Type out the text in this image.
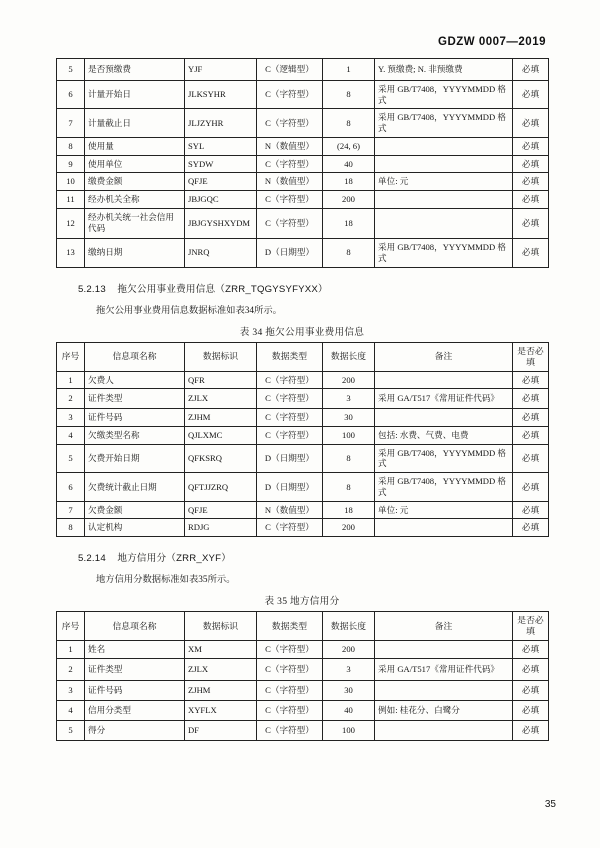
GDZW 0007—2019
5	是否预缴费	YJF	C（逻辑型）	1	Y. 预缴费; N. 非预缴费	必填
6	计量开始日	JLKSYHR	C（字符型）	8	采用 GB/T7408，YYYYMMDD 格式	必填
7	计量截止日	JLJZYHR	C（字符型）	8	采用 GB/T7408，YYYYMMDD 格式	必填
8	使用量	SYL	N（数值型）	(24, 6)		必填
9	使用单位	SYDW	C（字符型）	40		必填
10	缴费金额	QFJE	N（数值型）	18	单位: 元	必填
11	经办机关全称	JBJGQC	C（字符型）	200		必填
12	经办机关统一社会信用代码	JBJGYSHXYDM	C（字符型）	18		必填
13	缴纳日期	JNRQ	D（日期型）	8	采用 GB/T7408，YYYYMMDD 格式	必填
5.2.13 拖欠公用事业费用信息（ZRR_TQGYSYFYXX）
拖欠公用事业费用信息数据标准如表34所示。
表 34 拖欠公用事业费用信息
序号	信息项名称	数据标识	数据类型	数据长度	备注	是否必填
1	欠费人	QFR	C（字符型）	200		必填
2	证件类型	ZJLX	C（字符型）	3	采用 GA/T517《常用证件代码》	必填
3	证件号码	ZJHM	C（字符型）	30		必填
4	欠缴类型名称	QJLXMC	C（字符型）	100	包括: 水费、气费、电费	必填
5	欠费开始日期	QFKSRQ	D（日期型）	8	采用 GB/T7408，YYYYMMDD 格式	必填
6	欠费统计截止日期	QFTJJZRQ	D（日期型）	8	采用 GB/T7408，YYYYMMDD 格式	必填
7	欠费金额	QFJE	N（数值型）	18	单位: 元	必填
8	认定机构	RDJG	C（字符型）	200		必填
5.2.14 地方信用分（ZRR_XYF）
地方信用分数据标准如表35所示。
表 35 地方信用分
序号	信息项名称	数据标识	数据类型	数据长度	备注	是否必填
1	姓名	XM	C（字符型）	200		必填
2	证件类型	ZJLX	C（字符型）	3	采用 GA/T517《常用证件代码》	必填
3	证件号码	ZJHM	C（字符型）	30		必填
4	信用分类型	XYFLX	C（字符型）	40	例如: 桂花分、白鹭分	必填
5	得分	DF	C（字符型）	100		必填
35
